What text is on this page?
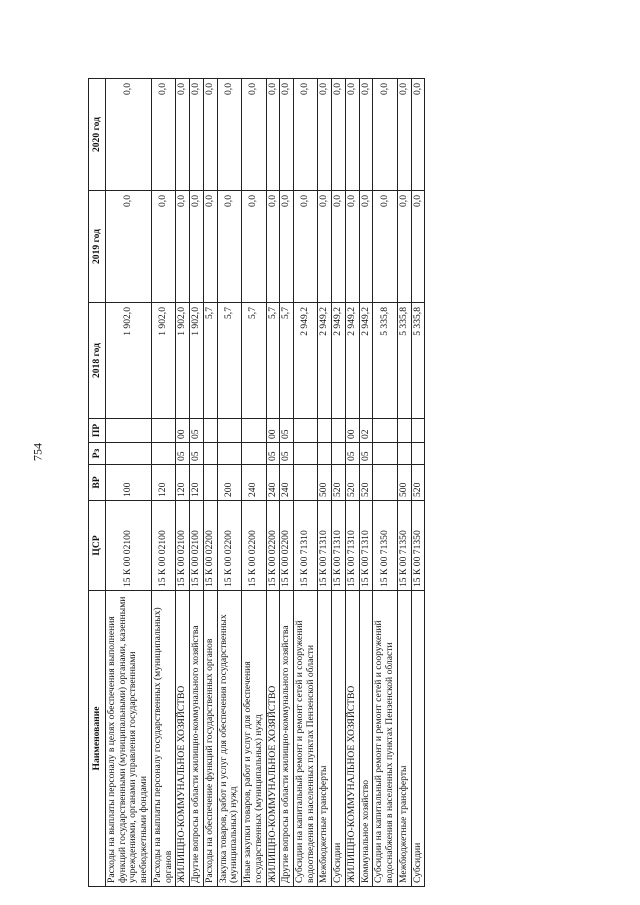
754
Наименование	ЦСР	ВР	Рз	ПР	2018 год	2019 год	2020 год
Расходы на выплаты персоналу в целях обеспечения выполнения функций государственными (муниципальными) органами, казенными учреждениями, органами управления государственными внебюджетными фондами	15 К 00 02100	100			1 902,0	0,0	0,0
Расходы на выплаты персоналу государственных (муниципальных) органов	15 К 00 02100	120			1 902,0	0,0	0,0
ЖИЛИЩНО-КОММУНАЛЬНОЕ ХОЗЯЙСТВО	15 К 00 02100	120	05	00	1 902,0	0,0	0,0
Другие вопросы в области жилищно-коммунального хозяйства	15 К 00 02100	120	05	05	1 902,0	0,0	0,0
Расходы на обеспечение функций государственных органов	15 К 00 02200				5,7	0,0	0,0
Закупка товаров, работ и услуг для обеспечения государственных (муниципальных) нужд	15 К 00 02200	200			5,7	0,0	0,0
Иные закупки товаров, работ и услуг для обеспечения государственных (муниципальных) нужд	15 К 00 02200	240			5,7	0,0	0,0
ЖИЛИЩНО-КОММУНАЛЬНОЕ ХОЗЯЙСТВО	15 К 00 02200	240	05	00	5,7	0,0	0,0
Другие вопросы в области жилищно-коммунального хозяйства	15 К 00 02200	240	05	05	5,7	0,0	0,0
Субсидии на капитальный ремонт и ремонт сетей и сооружений водоотведения в населенных пунктах Пензенской области	15 К 00 71310				2 949,2	0,0	0,0
Межбюджетные трансферты	15 К 00 71310	500			2 949,2	0,0	0,0
Субсидии	15 К 00 71310	520			2 949,2	0,0	0,0
ЖИЛИЩНО-КОММУНАЛЬНОЕ ХОЗЯЙСТВО	15 К 00 71310	520	05	00	2 949,2	0,0	0,0
Коммунальное хозяйство	15 К 00 71310	520	05	02	2 949,2	0,0	0,0
Субсидии на капитальный ремонт и ремонт сетей и сооружений водоснабжения в населенных пунктах Пензенской области	15 К 00 71350				5 335,8	0,0	0,0
Межбюджетные трансферты	15 К 00 71350	500			5 335,8	0,0	0,0
Субсидии	15 К 00 71350	520			5 335,8	0,0	0,0
